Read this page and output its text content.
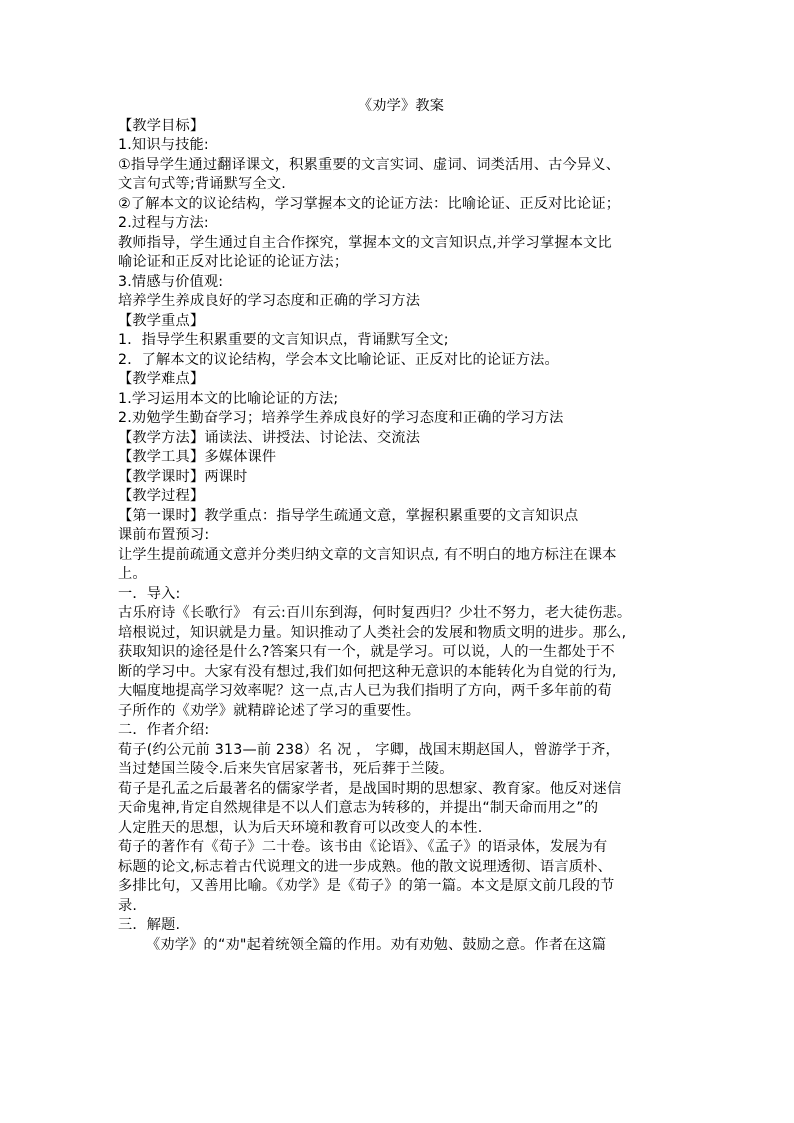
《劝学》教案
【教学目标】
1.知识与技能:
①指导学生通过翻译课文，积累重要的文言实词、虚词、词类活用、古今异义、
文言句式等;背诵默写全文.
②了解本文的议论结构，学习掌握本文的论证方法：比喻论证、正反对比论证；
2.过程与方法:
教师指导，学生通过自主合作探究，掌握本文的文言知识点,并学习掌握本文比
喻论证和正反对比论证的论证方法；
3.情感与价值观:
培养学生养成良好的学习态度和正确的学习方法
【教学重点】
1．指导学生积累重要的文言知识点，背诵默写全文;
2．了解本文的议论结构，学会本文比喻论证、正反对比的论证方法。
【教学难点】
1.学习运用本文的比喻论证的方法;
2.劝勉学生勤奋学习；培养学生养成良好的学习态度和正确的学习方法
【教学方法】诵读法、讲授法、讨论法、交流法
【教学工具】多媒体课件
【教学课时】两课时
【教学过程】
【第一课时】教学重点：指导学生疏通文意，掌握积累重要的文言知识点
课前布置预习:
让学生提前疏通文意并分类归纳文章的文言知识点, 有不明白的地方标注在课本
上。
一．导入:
古乐府诗《长歌行》 有云:百川东到海，何时复西归？少壮不努力，老大徒伤悲。
培根说过，知识就是力量。知识推动了人类社会的发展和物质文明的进步。那么,
获取知识的途径是什么?答案只有一个，就是学习。可以说，人的一生都处于不
断的学习中。大家有没有想过,我们如何把这种无意识的本能转化为自觉的行为,
大幅度地提高学习效率呢？这一点,古人已为我们指明了方向，两千多年前的荀
子所作的《劝学》就精辟论述了学习的重要性。
二．作者介绍:
荀子(约公元前 313—前 238）名 况 ， 字卿，战国末期赵国人，曾游学于齐，
当过楚国兰陵令.后来失官居家著书，死后葬于兰陵。
荀子是孔孟之后最著名的儒家学者，是战国时期的思想家、教育家。他反对迷信
天命鬼神,肯定自然规律是不以人们意志为转移的，并提出“制天命而用之”的
人定胜天的思想，认为后天环境和教育可以改变人的本性.
荀子的著作有《荀子》二十卷。该书由《论语》、《孟子》的语录体，发展为有
标题的论文,标志着古代说理文的进一步成熟。他的散文说理透彻、语言质朴、
多排比句，又善用比喻。《劝学》是《荀子》的第一篇。本文是原文前几段的节
录.
三．解题.
《劝学》的“劝"起着统领全篇的作用。劝有劝勉、鼓励之意。作者在这篇
